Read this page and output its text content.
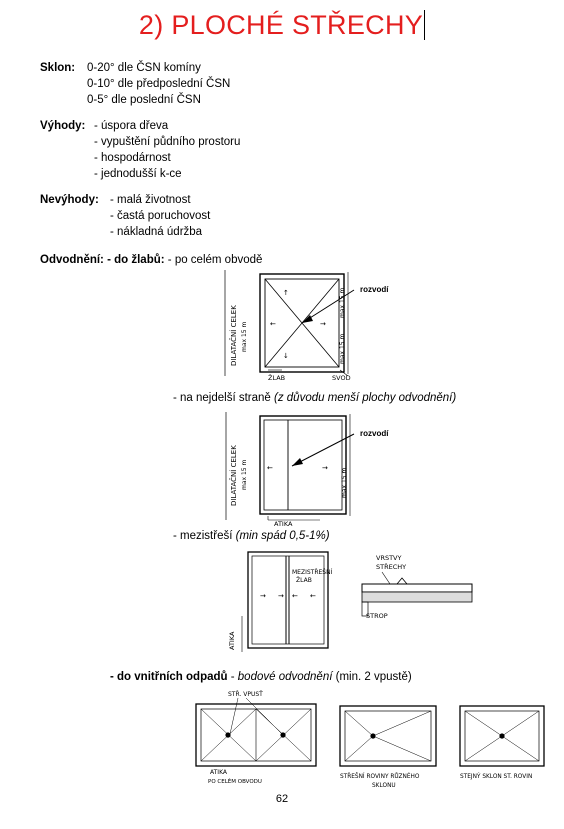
2) PLOCHÉ STŘECHY
Sklon: 0-20° dle ČSN komíny
0-10° dle předposlední ČSN
0-5° dle poslední ČSN
Výhody: - úspora dřeva
- vypuštění půdního prostoru
- hospodárnost
- jednodušší k-ce
Nevýhody: - malá životnost
- častá poruchovost
- nákladná údržba
Odvodnění: - do žlabů: - po celém obvodě
↑
↓
←	→
DILATAČNÍ CELEK max 15 m
max 15 m
max 15 m
rozvodí
ŽLAB	SVOD
- na nejdelší straně (z důvodu menší plochy odvodnění)
←	→
DILATAČNÍ CELEK max 15 m	max 15 m
rozvodí
ATIKA
- mezistřeší (min spád 0,5-1%)
→ → ← ←
MEZISTŘEŠNÍ
ŽLAB
ATIKA
VRSTVY
STŘECHY
STROP
- do vnitřních odpadů - bodové odvodnění (min. 2 vpustě)
STŘ. VPUSŤ
ATIKA
PO CELÉM OBVODU
STŘEŠNÍ ROVINY RŮZNÉHO
SKLONU
STEJNÝ SKLON ST. ROVIN
62
